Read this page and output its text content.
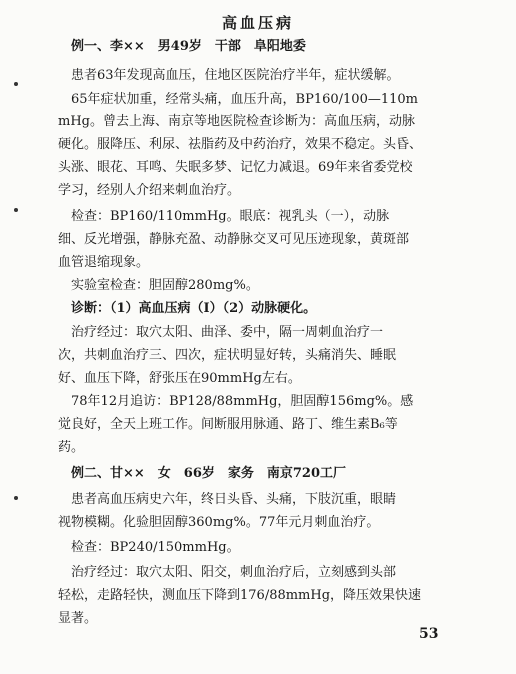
高血压病
　例一、李××　男49岁　干部　阜阳地委
　患者63年发现高血压，住地区医院治疗半年，症状缓解。
　65年症状加重，经常头痛，血压升高，BP160/100—110m
mHg。曾去上海、南京等地医院检查诊断为：高血压病，动脉
硬化。服降压、利尿、祛脂药及中药治疗，效果不稳定。头昏、
头涨、眼花、耳鸣、失眠多梦、记忆力减退。69年来省委党校
学习，经别人介绍来刺血治疗。
　检查：BP160/110mmHg。眼底：视乳头（一），动脉
细、反光增强，静脉充盈、动静脉交叉可见压迹现象，黄斑部
血管退缩现象。
　实验室检查：胆固醇280mg%。
　诊断：（1）高血压病（Ⅰ）（2）动脉硬化。
　治疗经过：取穴太阳、曲泽、委中，隔一周刺血治疗一
次，共刺血治疗三、四次，症状明显好转，头痛消失、睡眠
好、血压下降，舒张压在90mmHg左右。
　78年12月追访：BP128/88mmHg，胆固醇156mg%。感
觉良好，全天上班工作。间断服用脉通、路丁、维生素B₆等
药。
　例二、甘××　女　66岁　家务　南京720工厂
　患者高血压病史六年，终日头昏、头痛，下肢沉重，眼睛
视物模糊。化验胆固醇360mg%。77年元月刺血治疗。
　检查：BP240/150mmHg。
　治疗经过：取穴太阳、阳交，刺血治疗后，立刻感到头部
轻松，走路轻快，测血压下降到176/88mmHg，降压效果快速
显著。
53
